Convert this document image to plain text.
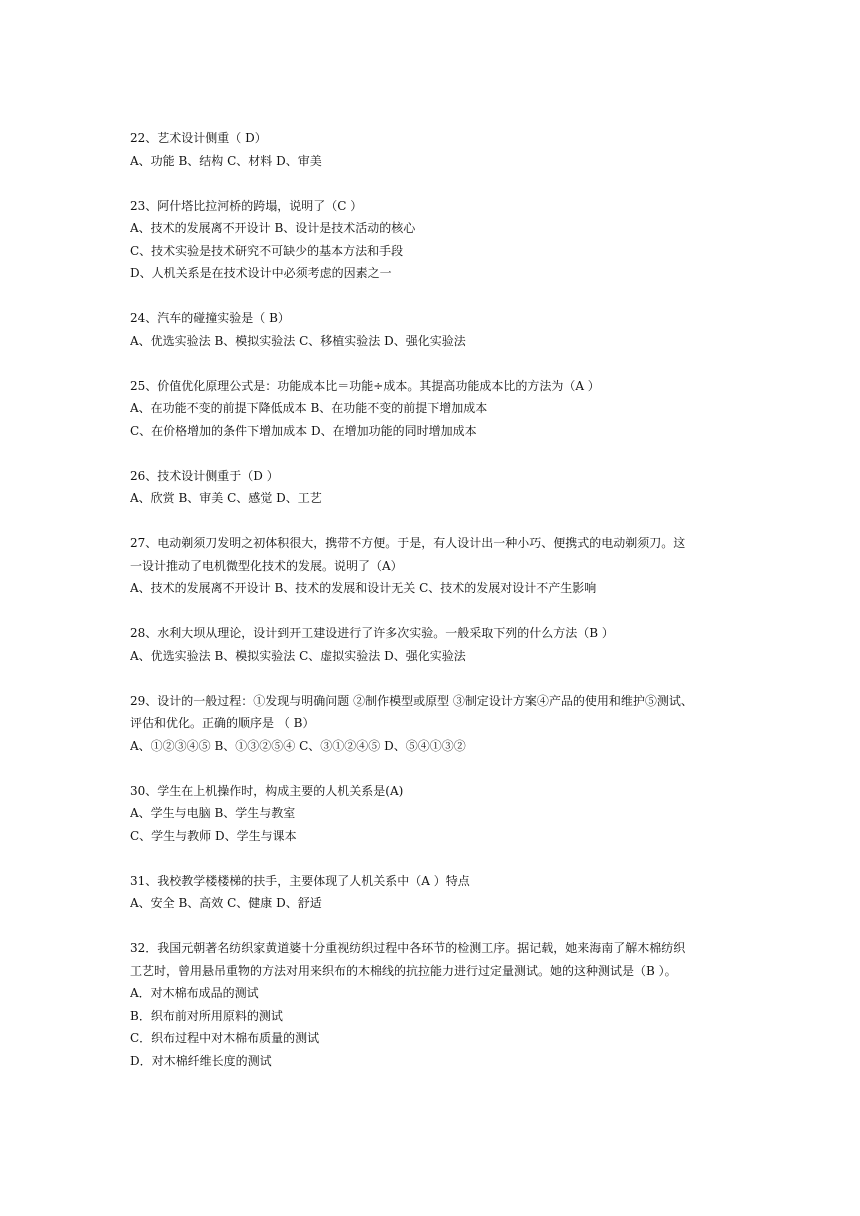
22、艺术设计侧重（ D）
A、功能 B、结构 C、材料 D、审美
23、阿什塔比拉河桥的跨塌，说明了（C ）
A、技术的发展离不开设计 B、设计是技术活动的核心
C、技术实验是技术研究不可缺少的基本方法和手段
D、人机关系是在技术设计中必须考虑的因素之一
24、汽车的碰撞实验是（ B）
A、优选实验法 B、模拟实验法 C、移植实验法 D、强化实验法
25、价值优化原理公式是：功能成本比＝功能÷成本。其提高功能成本比的方法为（A ）
A、在功能不变的前提下降低成本 B、在功能不变的前提下增加成本
C、在价格增加的条件下增加成本 D、在增加功能的同时增加成本
26、技术设计侧重于（D ）
A、欣赏 B、审美 C、感觉 D、工艺
27、电动剃须刀发明之初体积很大，携带不方便。于是，有人设计出一种小巧、便携式的电动剃须刀。这
一设计推动了电机微型化技术的发展。说明了（A）
A、技术的发展离不开设计 B、技术的发展和设计无关 C、技术的发展对设计不产生影响
28、水利大坝从理论，设计到开工建设进行了许多次实验。一般采取下列的什么方法（B ）
A、优选实验法 B、模拟实验法 C、虚拟实验法 D、强化实验法
29、设计的一般过程：①发现与明确问题 ②制作模型或原型 ③制定设计方案④产品的使用和维护⑤测试、
评估和优化。正确的顺序是 （ B）
A、①②③④⑤ B、①③②⑤④ C、③①②④⑤ D、⑤④①③②
30、学生在上机操作时，构成主要的人机关系是(A)
A、学生与电脑 B、学生与教室
C、学生与教师 D、学生与课本
31、我校教学楼楼梯的扶手，主要体现了人机关系中（A ）特点
A、安全 B、高效 C、健康 D、舒适
32．我国元朝著名纺织家黄道婆十分重视纺织过程中各环节的检测工序。据记载，她来海南了解木棉纺织
工艺时，曾用悬吊重物的方法对用来织布的木棉线的抗拉能力进行过定量测试。她的这种测试是（B ）。
A．对木棉布成品的测试
B．织布前对所用原料的测试
C．织布过程中对木棉布质量的测试
D．对木棉纤维长度的测试
